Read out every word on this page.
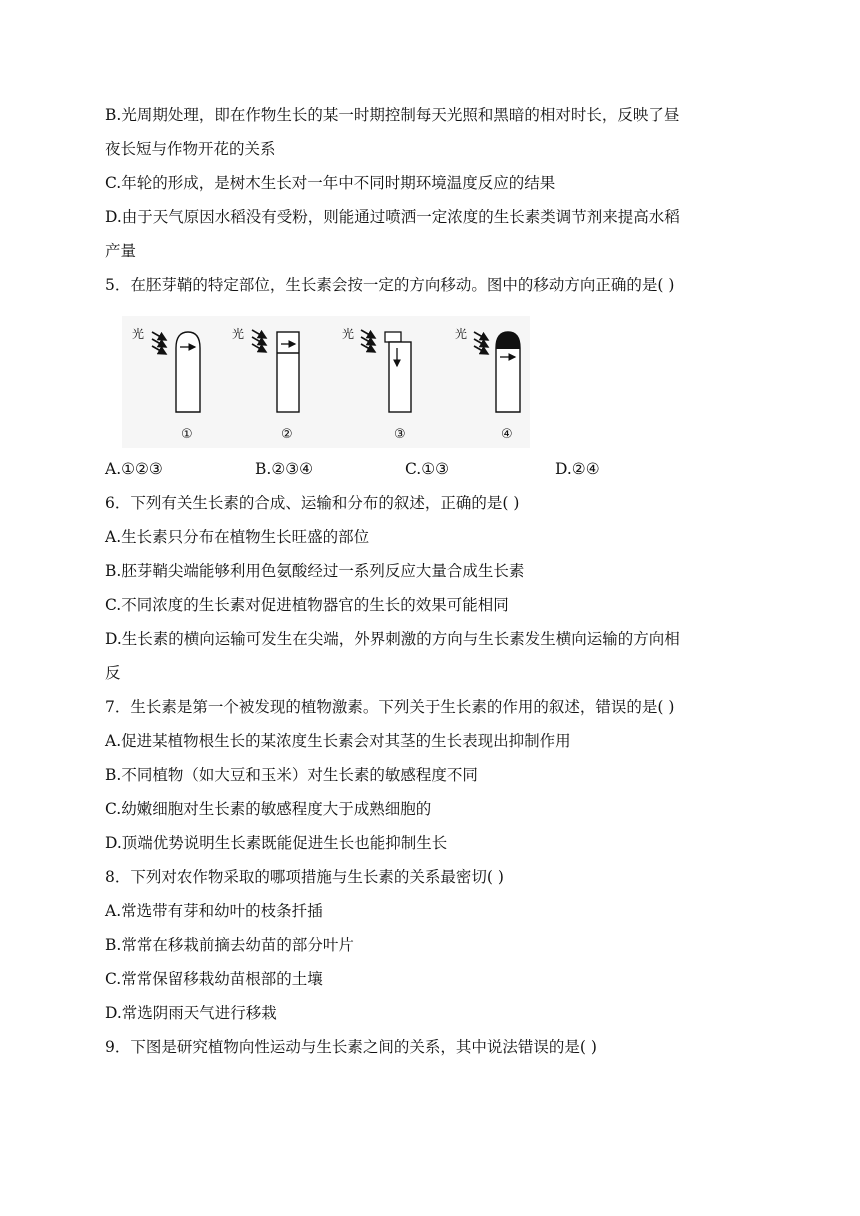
B.光周期处理，即在作物生长的某一时期控制每天光照和黑暗的相对时长，反映了昼
夜长短与作物开花的关系
C.年轮的形成，是树木生长对一年中不同时期环境温度反应的结果
D.由于天气原因水稻没有受粉，则能通过喷洒一定浓度的生长素类调节剂来提高水稻
产量
5．在胚芽鞘的特定部位，生长素会按一定的方向移动。图中的移动方向正确的是( )
光
①
光
②
光
③
光
④
A.①②③	B.②③④	C.①③	D.②④
6．下列有关生长素的合成、运输和分布的叙述，正确的是( )
A.生长素只分布在植物生长旺盛的部位
B.胚芽鞘尖端能够利用色氨酸经过一系列反应大量合成生长素
C.不同浓度的生长素对促进植物器官的生长的效果可能相同
D.生长素的横向运输可发生在尖端，外界刺激的方向与生长素发生横向运输的方向相
反
7．生长素是第一个被发现的植物激素。下列关于生长素的作用的叙述，错误的是( )
A.促进某植物根生长的某浓度生长素会对其茎的生长表现出抑制作用
B.不同植物（如大豆和玉米）对生长素的敏感程度不同
C.幼嫩细胞对生长素的敏感程度大于成熟细胞的
D.顶端优势说明生长素既能促进生长也能抑制生长
8．下列对农作物采取的哪项措施与生长素的关系最密切( )
A.常选带有芽和幼叶的枝条扦插
B.常常在移栽前摘去幼苗的部分叶片
C.常常保留移栽幼苗根部的土壤
D.常选阴雨天气进行移栽
9．下图是研究植物向性运动与生长素之间的关系，其中说法错误的是( )
